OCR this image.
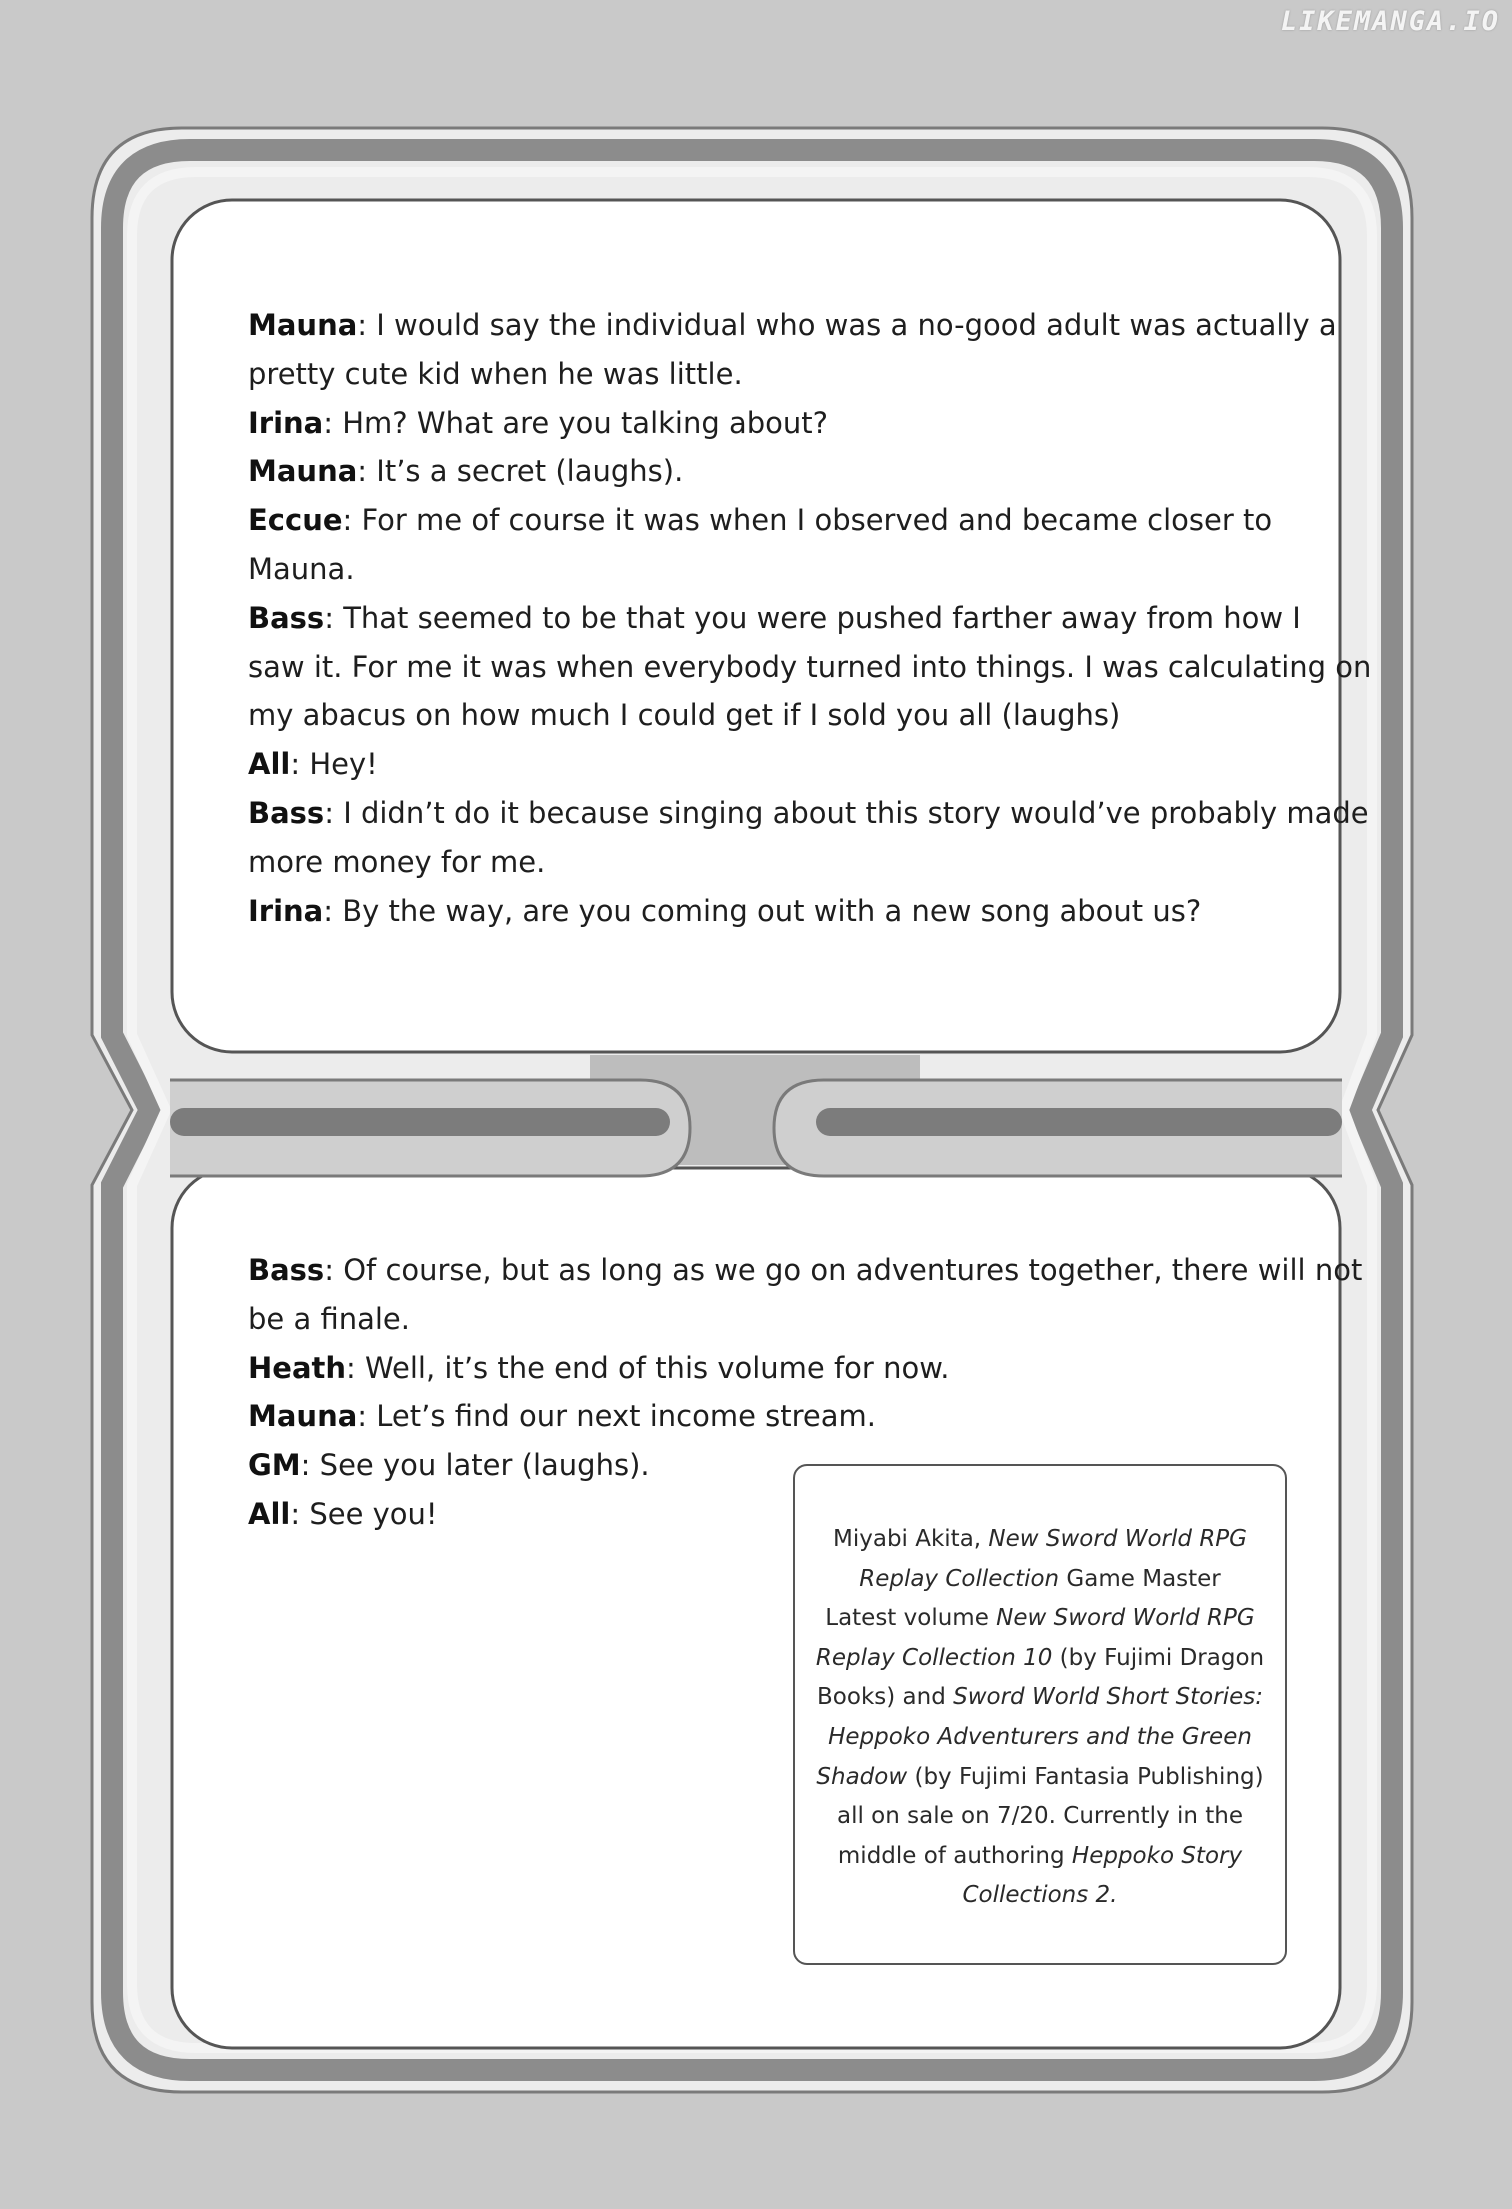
LIKEMANGA.IO
Mauna: I would say the individual who was a no-good adult was actually a
pretty cute kid when he was little.
Irina: Hm? What are you talking about?
Mauna: It’s a secret (laughs).
Eccue: For me of course it was when I observed and became closer to
Mauna.
Bass: That seemed to be that you were pushed farther away from how I
saw it. For me it was when everybody turned into things. I was calculating on
my abacus on how much I could get if I sold you all (laughs)
All: Hey!
Bass: I didn’t do it because singing about this story would’ve probably made
more money for me.
Irina: By the way, are you coming out with a new song about us?
Bass: Of course, but as long as we go on adventures together, there will not
be a finale.
Heath: Well, it’s the end of this volume for now.
Mauna: Let’s find our next income stream.
GM: See you later (laughs).
All: See you!
Miyabi Akita, New Sword World RPG
Replay Collection Game Master
Latest volume New Sword World RPG
Replay Collection 10 (by Fujimi Dragon
Books) and Sword World Short Stories:
Heppoko Adventurers and the Green
Shadow (by Fujimi Fantasia Publishing)
all on sale on 7/20. Currently in the
middle of authoring Heppoko Story
Collections 2.
